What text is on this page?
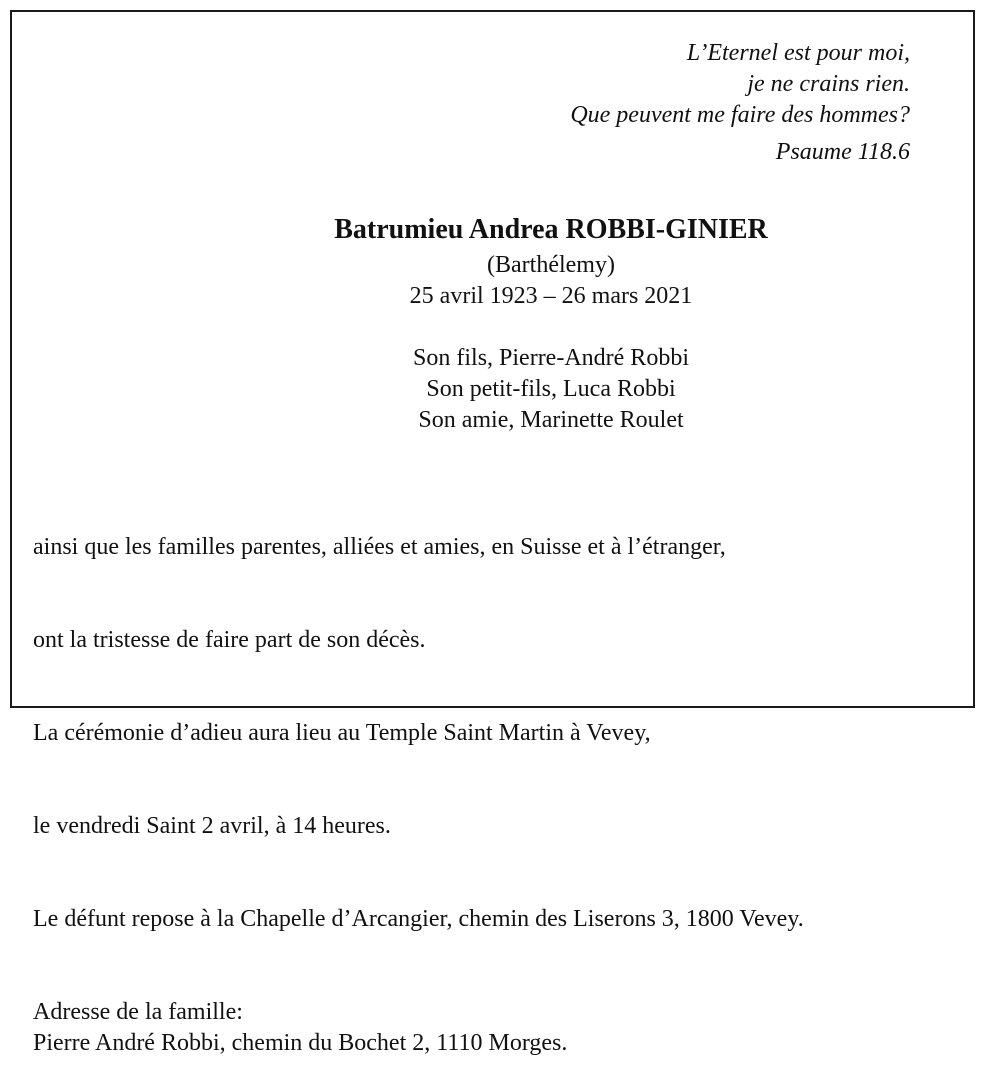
L’Eternel est pour moi,
je ne crains rien.
Que peuvent me faire des hommes?
Psaume 118.6
Batrumieu Andrea ROBBI-GINIER
(Barthélemy)
25 avril 1923 – 26 mars 2021
Son fils, Pierre-André Robbi
Son petit-fils, Luca Robbi
Son amie, Marinette Roulet

ainsi que les familles parentes, alliées et amies, en Suisse et à l’étranger,

ont la tristesse de faire part de son décès.

La cérémonie d’adieu aura lieu au Temple Saint Martin à Vevey,

le vendredi Saint 2 avril, à 14 heures.

Le défunt repose à la Chapelle d’Arcangier, chemin des Liserons 3, 1800 Vevey.

Adresse de la famille:
Pierre André Robbi, chemin du Bochet 2, 1110 Morges.
